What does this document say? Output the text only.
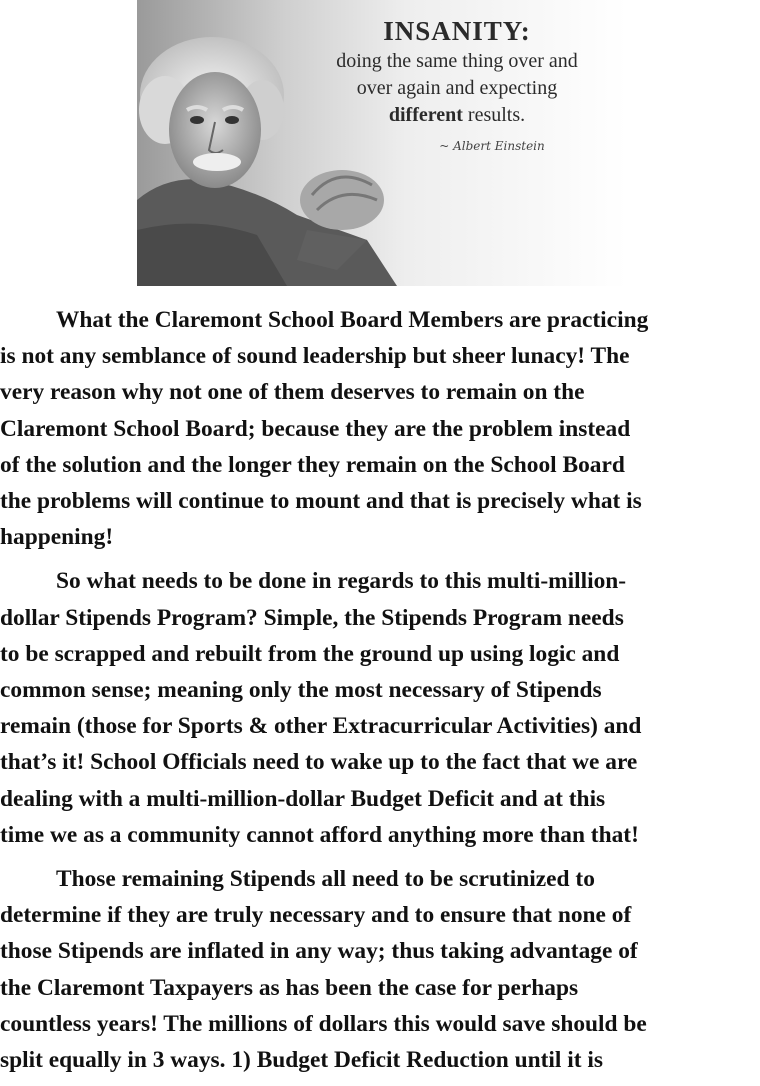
INSANITY:
doing the same thing over and
over again and expecting
different results.
~ Albert Einstein

What the Claremont School Board Members are practicing
is not any semblance of sound leadership but sheer lunacy! The
very reason why not one of them deserves to remain on the
Claremont School Board; because they are the problem instead
of the solution and the longer they remain on the School Board
the problems will continue to mount and that is precisely what is
happening!

So what needs to be done in regards to this multi-million-
dollar Stipends Program? Simple, the Stipends Program needs
to be scrapped and rebuilt from the ground up using logic and
common sense; meaning only the most necessary of Stipends
remain (those for Sports & other Extracurricular Activities) and
that’s it! School Officials need to wake up to the fact that we are
dealing with a multi-million-dollar Budget Deficit and at this
time we as a community cannot afford anything more than that!

Those remaining Stipends all need to be scrutinized to
determine if they are truly necessary and to ensure that none of
those Stipends are inflated in any way; thus taking advantage of
the Claremont Taxpayers as has been the case for perhaps
countless years! The millions of dollars this would save should be
split equally in 3 ways. 1) Budget Deficit Reduction until it is
